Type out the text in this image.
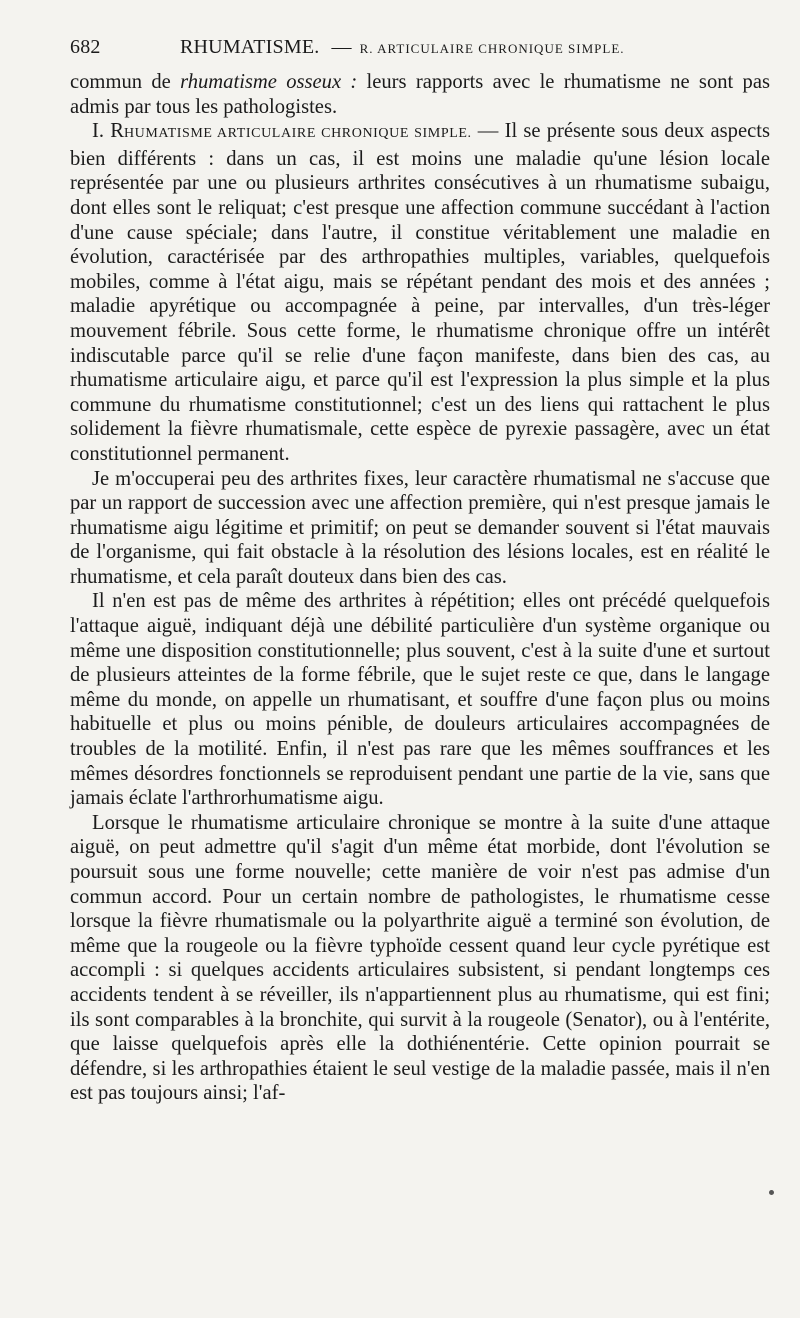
682	RHUMATISME. — R. ARTICULAIRE CHRONIQUE SIMPLE.

commun de rhumatisme osseux : leurs rapports avec le rhumatisme ne sont pas admis par tous les pathologistes.

I. RHUMATISME ARTICULAIRE CHRONIQUE SIMPLE. — Il se présente sous deux aspects bien différents : dans un cas, il est moins une maladie qu'une lésion locale représentée par une ou plusieurs arthrites consécutives à un rhumatisme subaigu, dont elles sont le reliquat; c'est presque une affection commune succédant à l'action d'une cause spéciale; dans l'autre, il constitue véritablement une maladie en évolution, caractérisée par des arthropathies multiples, variables, quelquefois mobiles, comme à l'état aigu, mais se répétant pendant des mois et des années ; maladie apyrétique ou accompagnée à peine, par intervalles, d'un très-léger mouvement fébrile. Sous cette forme, le rhumatisme chronique offre un intérêt indiscutable parce qu'il se relie d'une façon manifeste, dans bien des cas, au rhumatisme articulaire aigu, et parce qu'il est l'expression la plus simple et la plus commune du rhumatisme constitutionnel; c'est un des liens qui rattachent le plus solidement la fièvre rhumatismale, cette espèce de pyrexie passagère, avec un état constitutionnel permanent.

Je m'occuperai peu des arthrites fixes, leur caractère rhumatismal ne s'accuse que par un rapport de succession avec une affection première, qui n'est presque jamais le rhumatisme aigu légitime et primitif; on peut se demander souvent si l'état mauvais de l'organisme, qui fait obstacle à la résolution des lésions locales, est en réalité le rhumatisme, et cela paraît douteux dans bien des cas.

Il n'en est pas de même des arthrites à répétition; elles ont précédé quelquefois l'attaque aiguë, indiquant déjà une débilité particulière d'un système organique ou même une disposition constitutionnelle; plus souvent, c'est à la suite d'une et surtout de plusieurs atteintes de la forme fébrile, que le sujet reste ce que, dans le langage même du monde, on appelle un rhumatisant, et souffre d'une façon plus ou moins habituelle et plus ou moins pénible, de douleurs articulaires accompagnées de troubles de la motilité. Enfin, il n'est pas rare que les mêmes souffrances et les mêmes désordres fonctionnels se reproduisent pendant une partie de la vie, sans que jamais éclate l'arthrorhumatisme aigu.

Lorsque le rhumatisme articulaire chronique se montre à la suite d'une attaque aiguë, on peut admettre qu'il s'agit d'un même état morbide, dont l'évolution se poursuit sous une forme nouvelle; cette manière de voir n'est pas admise d'un commun accord. Pour un certain nombre de pathologistes, le rhumatisme cesse lorsque la fièvre rhumatismale ou la polyarthrite aiguë a terminé son évolution, de même que la rougeole ou la fièvre typhoïde cessent quand leur cycle pyrétique est accompli : si quelques accidents articulaires subsistent, si pendant longtemps ces accidents tendent à se réveiller, ils n'appartiennent plus au rhumatisme, qui est fini; ils sont comparables à la bronchite, qui survit à la rougeole (Senator), ou à l'entérite, que laisse quelquefois après elle la dothiénentérie. Cette opinion pourrait se défendre, si les arthropathies étaient le seul vestige de la maladie passée, mais il n'en est pas toujours ainsi; l'af-
